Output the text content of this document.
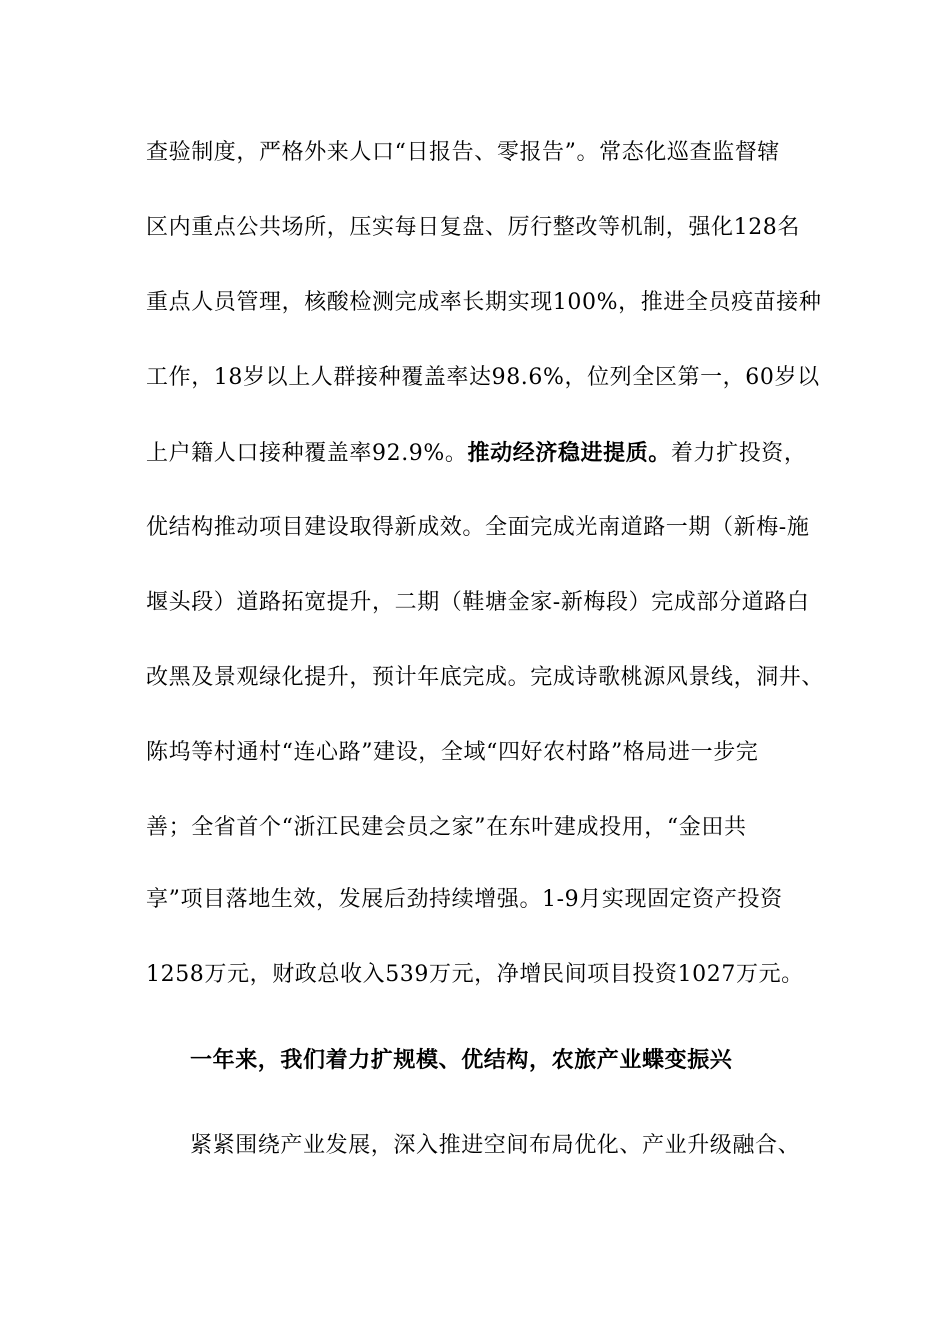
查验制度，严格外来人口“日报告、零报告”。常态化巡查监督辖
区内重点公共场所，压实每日复盘、厉行整改等机制，强化128名
重点人员管理，核酸检测完成率长期实现100%，推进全员疫苗接种
工作，18岁以上人群接种覆盖率达98.6%，位列全区第一，60岁以
上户籍人口接种覆盖率92.9%。推动经济稳进提质。着力扩投资，
优结构推动项目建设取得新成效。全面完成光南道路一期（新梅-施
堰头段）道路拓宽提升，二期（鞋塘金家-新梅段）完成部分道路白
改黑及景观绿化提升，预计年底完成。完成诗歌桃源风景线，洞井、
陈坞等村通村“连心路”建设，全域“四好农村路”格局进一步完
善；全省首个“浙江民建会员之家”在东叶建成投用，“金田共
享”项目落地生效，发展后劲持续增强。1-9月实现固定资产投资
1258万元，财政总收入539万元，净增民间项目投资1027万元。
一年来，我们着力扩规模、优结构，农旅产业蝶变振兴
紧紧围绕产业发展，深入推进空间布局优化、产业升级融合、
